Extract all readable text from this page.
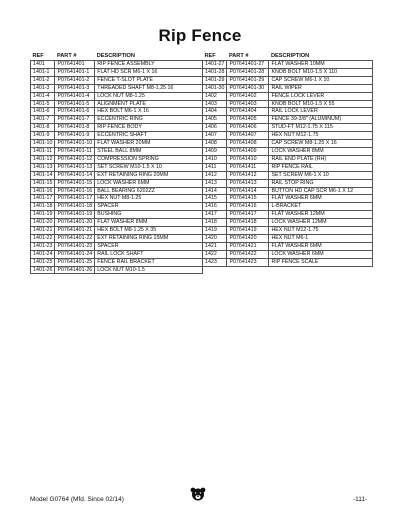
Rip Fence
REF	PART #	DESCRIPTION
1401	P07641401	RIP FENCE ASSEMBLY
1401-1	P07641401-1	FLAT HD SCR M6-1 X 16
1401-2	P07641401-2	FENCE T-SLOT PLATE
1401-3	P07641401-3	THREADED SHAFT M8-1.25 16
1401-4	P07641401-4	LOCK NUT M8-1.25
1401-5	P07641401-5	ALIGNMENT PLATE
1401-6	P07641401-6	HEX BOLT M6-1 X 16
1401-7	P07641401-7	ECCENTRIC RING
1401-8	P07641401-8	RIP FENCE BODY
1401-9	P07641401-9	ECCENTRIC SHAFT
1401-10	P07641401-10	FLAT WASHER 20MM
1401-11	P07641401-11	STEEL BALL 8MM
1401-12	P07641401-12	COMPRESSION SPRING
1401-13	P07641401-13	SET SCREW M10-1.5 X 10
1401-14	P07641401-14	EXT RETAINING RING 20MM
1401-15	P07641401-15	LOCK WASHER 6MM
1401-16	P07641401-16	BALL BEARING 6202ZZ
1401-17	P07641401-17	HEX NUT M8-1.25
1401-18	P07641401-18	SPACER
1401-19	P07641401-19	BUSHING
1401-20	P07641401-20	FLAT WASHER 8MM
1401-21	P07641401-21	HEX BOLT M8-1.25 X 35
1401-22	P07641401-22	EXT RETAINING RING 15MM
1401-23	P07641401-23	SPACER
1401-24	P07641401-24	RAIL LOCK SHAFT
1401-25	P07641401-25	FENCE RAIL BRACKET
1401-26	P07641401-26	LOCK NUT M10-1.5
REF	PART #	DESCRIPTION
1401-27	P07641401-27	FLAT WASHER 10MM
1401-28	P07641401-28	KNOB BOLT M10-1.5 X 110
1401-29	P07641401-29	CAP SCREW M6-1 X 10
1401-30	P07641401-30	RAIL WIPER
1402	P07641402	FENCE LOCK LEVER
1403	P07641403	KNOB BOLT M10-1.5 X 55
1404	P07641404	RAIL LOCK LEVER
1405	P07641405	FENCE 39-3/8" (ALUMINUM)
1406	P07641406	STUD-FT M12-1.75 X 115
1407	P07641407	HEX NUT M12-1.75
1408	P07641408	CAP SCREW M8-1.25 X 16
1409	P07641409	LOCK WASHER 8MM
1410	P07641410	RAIL END PLATE (RH)
1411	P07641411	RIP FENCE RAIL
1412	P07641412	SET SCREW M6-1 X 10
1413	P07641413	RAIL STOP RING
1414	P07641414	BUTTON HD CAP SCR M6-1 X 12
1415	P07641415	FLAT WASHER 6MM
1416	P07641416	L-BRACKET
1417	P07641417	FLAT WASHER 12MM
1418	P07641418	LOCK WASHER 12MM
1419	P07641419	HEX NUT M12-1.75
1420	P07641420	HEX NUT M6-1
1421	P07641421	FLAT WASHER 6MM
1422	P07641422	LOCK WASHER 6MM
1423	P07641423	RIP FENCE SCALE
Model G0764 (Mfd. Since 02/14)	-111-
